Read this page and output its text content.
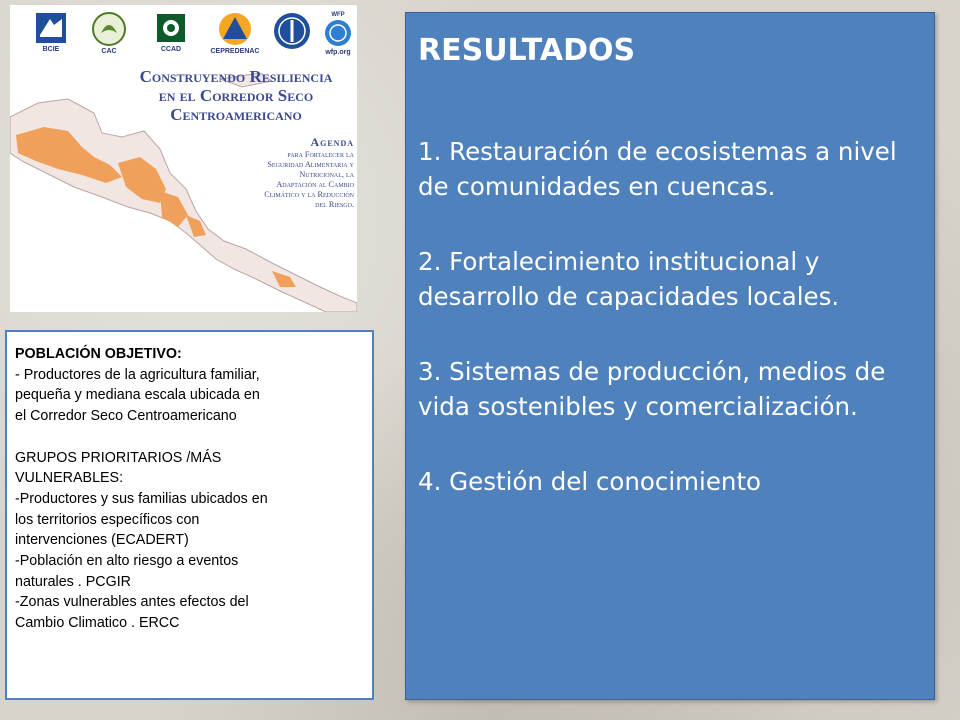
BCIE	CAC	CCAD	CEPREDENAC
WFP
wfp.org
Construyendo Resiliencia
en el Corredor Seco
Centroamericano
Agenda
para Fortalecer la
Seguridad Alimentaria y
Nutricional, la
Adaptación al Cambio
Climático y la Reducción
del Riesgo.

POBLACIÓN OBJETIVO:

- Productores de la agricultura familiar,

pequeña y mediana escala ubicada en

el Corredor Seco Centroamericano

GRUPOS PRIORITARIOS /MÁS

VULNERABLES:

-Productores y sus familias ubicados en

los territorios específicos con

intervenciones (ECADERT)

-Población en alto riesgo a eventos

naturales . PCGIR

-Zonas vulnerables antes efectos del

Cambio Climatico . ERCC

RESULTADOS

1. Restauración de ecosistemas a nivel de comunidades en cuencas.

2. Fortalecimiento institucional y desarrollo de capacidades locales.

3. Sistemas de producción, medios de vida sostenibles y comercialización.

4. Gestión del conocimiento
